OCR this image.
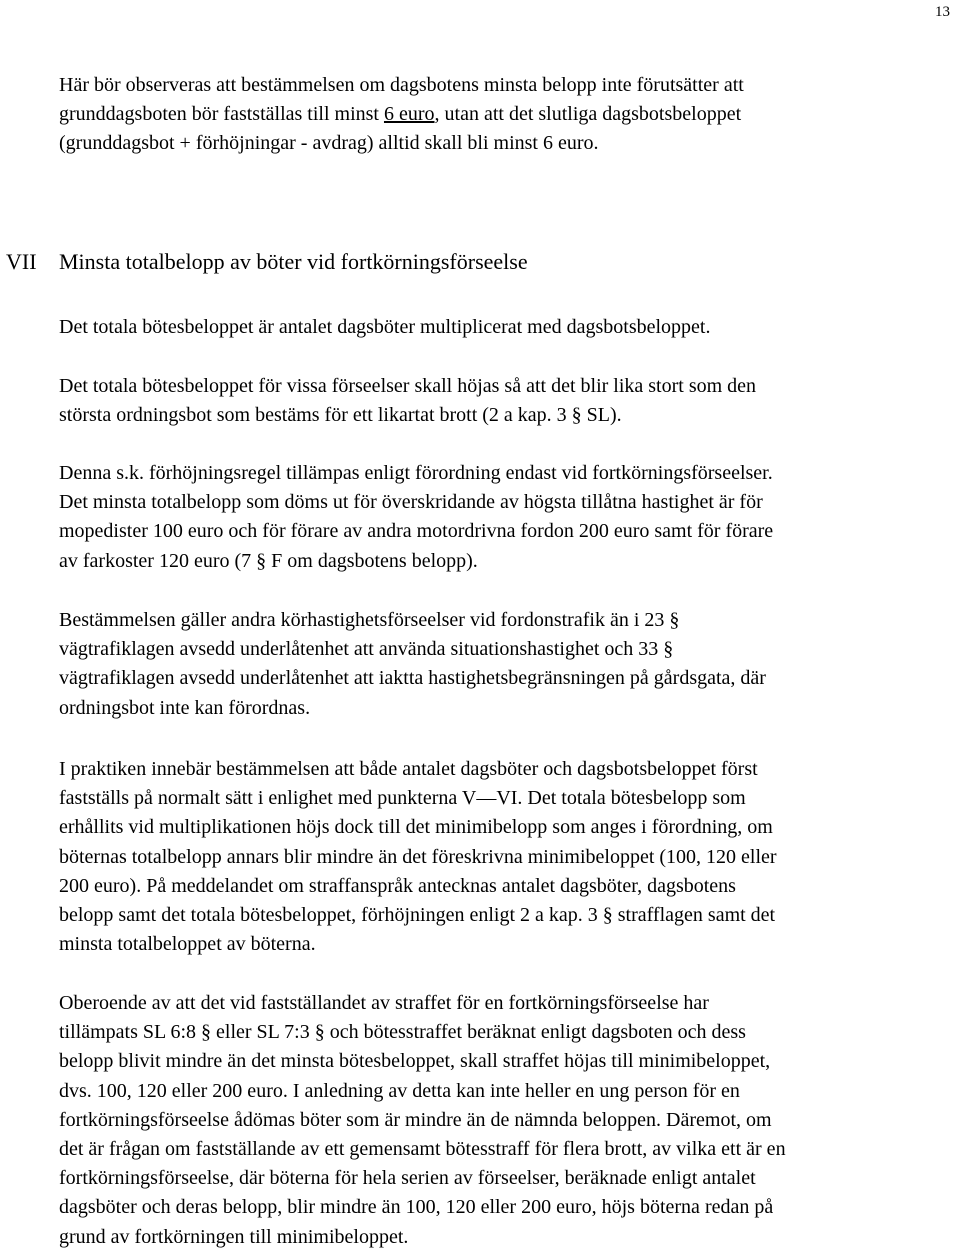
13
Här bör observeras att bestämmelsen om dagsbotens minsta belopp inte förutsätter att
grunddagsboten bör fastställas till minst 6 euro, utan att det slutliga dagsbotsbeloppet
(grunddagsbot + förhöjningar - avdrag) alltid skall bli minst 6 euro.
VII Minsta totalbelopp av böter vid fortkörningsförseelse
Det totala bötesbeloppet är antalet dagsböter multiplicerat med dagsbotsbeloppet.
Det totala bötesbeloppet för vissa förseelser skall höjas så att det blir lika stort som den
största ordningsbot som bestäms för ett likartat brott (2 a kap. 3 § SL).
Denna s.k. förhöjningsregel tillämpas enligt förordning endast vid fortkörningsförseelser.
Det minsta totalbelopp som döms ut för överskridande av högsta tillåtna hastighet är för
mopedister 100 euro och för förare av andra motordrivna fordon 200 euro samt för förare
av farkoster 120 euro (7 § F om dagsbotens belopp).
Bestämmelsen gäller andra körhastighetsförseelser vid fordonstrafik än i 23 §
vägtrafiklagen avsedd underlåtenhet att använda situationshastighet och 33 §
vägtrafiklagen avsedd underlåtenhet att iaktta hastighetsbegränsningen på gårdsgata, där
ordningsbot inte kan förordnas.
I praktiken innebär bestämmelsen att både antalet dagsböter och dagsbotsbeloppet först
fastställs på normalt sätt i enlighet med punkterna V—VI. Det totala bötesbelopp som
erhållits vid multiplikationen höjs dock till det minimibelopp som anges i förordning, om
böternas totalbelopp annars blir mindre än det föreskrivna minimibeloppet (100, 120 eller
200 euro). På meddelandet om straffanspråk antecknas antalet dagsböter, dagsbotens
belopp samt det totala bötesbeloppet, förhöjningen enligt 2 a kap. 3 § strafflagen samt det
minsta totalbeloppet av böterna.
Oberoende av att det vid fastställandet av straffet för en fortkörningsförseelse har
tillämpats SL 6:8 § eller SL 7:3 § och bötesstraffet beräknat enligt dagsboten och dess
belopp blivit mindre än det minsta bötesbeloppet, skall straffet höjas till minimibeloppet,
dvs. 100, 120 eller 200 euro. I anledning av detta kan inte heller en ung person för en
fortkörningsförseelse ådömas böter som är mindre än de nämnda beloppen. Däremot, om
det är frågan om fastställande av ett gemensamt bötesstraff för flera brott, av vilka ett är en
fortkörningsförseelse, där böterna för hela serien av förseelser, beräknade enligt antalet
dagsböter och deras belopp, blir mindre än 100, 120 eller 200 euro, höjs böterna redan på
grund av fortkörningen till minimibeloppet.
